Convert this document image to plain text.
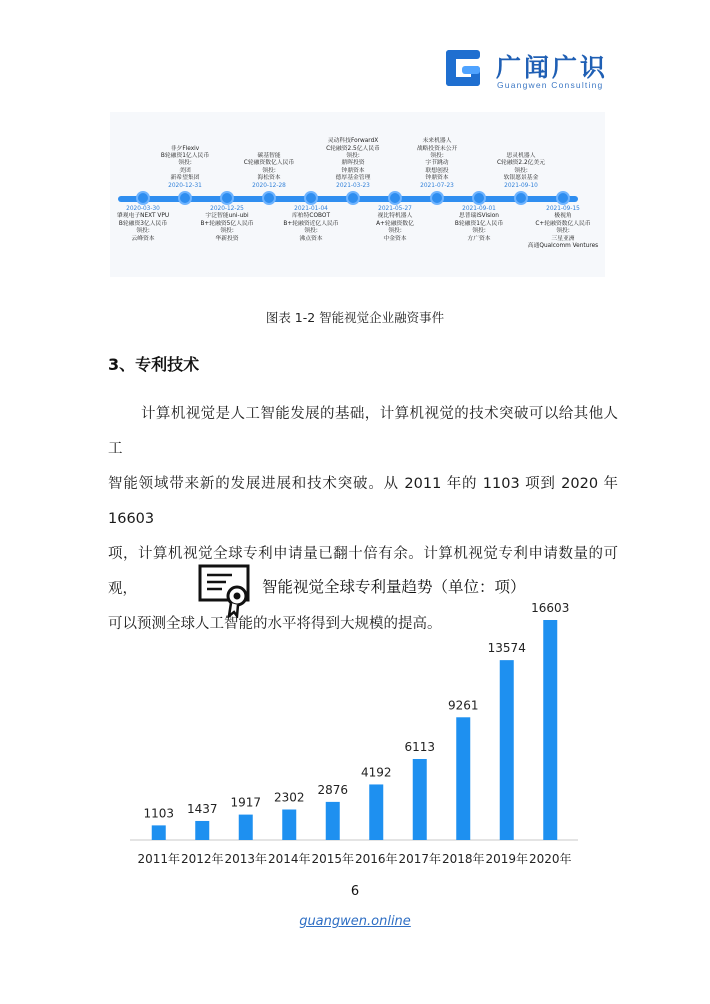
广闻广识
Guangwen Consulting
非夕Flexiv
B轮融资1亿人民币
领投:
美团
新希望集团
2020-12-31
碳基智能
C轮融资数亿人民币
领投:
海松资本
2020-12-28
灵动科技ForwardX
C轮融资2.5亿人民币
领投:
鼎晖投资
钟鼎资本
德厚基金管理
2021-03-23
未来机器人
战略投资未公开
领投:
字节跳动
联想创投
钟鼎资本
2021-07-23
思灵机器人
C轮融资2.2亿美元
领投:
软银愿景基金
2021-09-10
2020-03-30
肇观电子NEXT VPU
B轮融资3亿人民币
领投:
云峰资本
2020-12-25
宇泛智能uni-ubi
B+轮融资5亿人民币
领投:
华新投资
2021-01-04
库柏特COBOT
B+轮融资近亿人民币
领投:
沸点资本
2021-05-27
视比特机器人
A+轮融资数亿
领投:
中金资本
2021-09-01
思普瑞iSVision
B轮融资1亿人民币
领投:
方广资本
2021-09-15
极视角
C+轮融资数亿人民币
领投:
三星亚洲
高通Qualcomm Ventures
图表 1-2 智能视觉企业融资事件
3、专利技术
计算机视觉是人工智能发展的基础，计算机视觉的技术突破可以给其他人工
智能领域带来新的发展进展和技术突破。从 2011 年的 1103 项到 2020 年 16603
项，计算机视觉全球专利申请量已翻十倍有余。计算机视觉专利申请数量的可观，
可以预测全球人工智能的水平将得到大规模的提高。
智能视觉全球专利量趋势（单位：项）
1103
2011年
1437
2012年
1917
2013年
2302
2014年
2876
2015年
4192
2016年
6113
2017年
9261
2018年
13574
2019年
16603
2020年
6
guangwen.online
